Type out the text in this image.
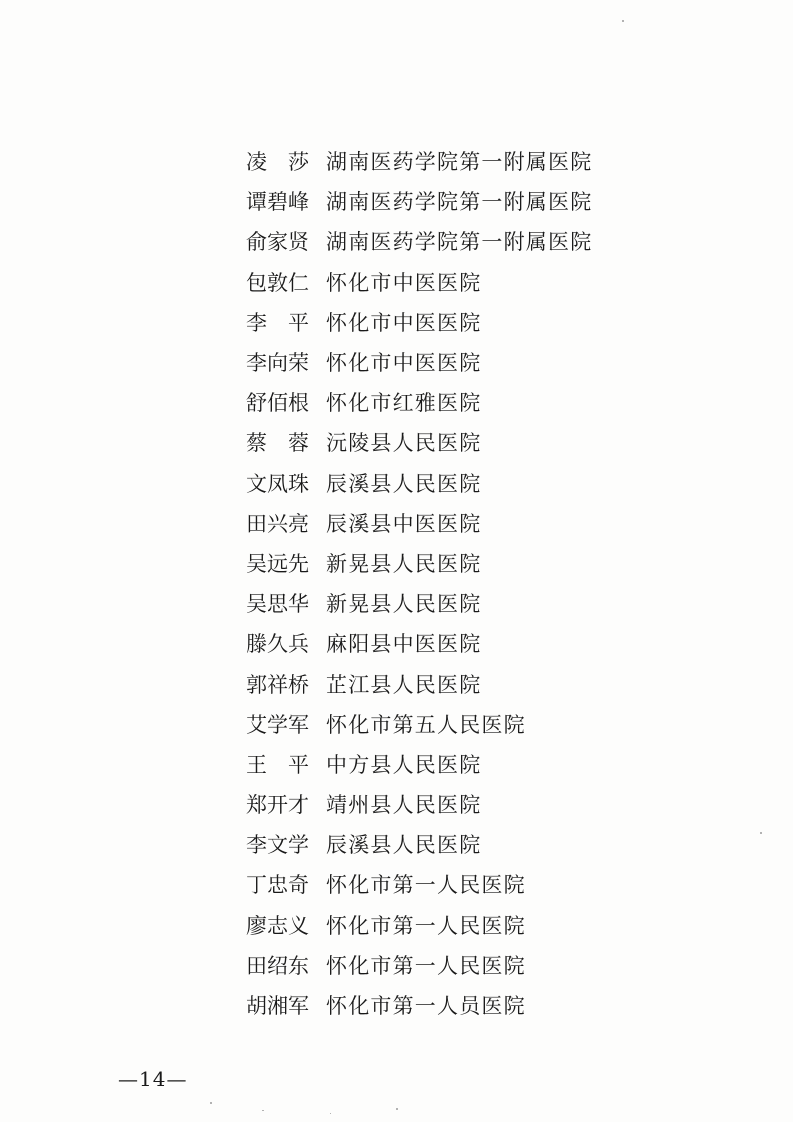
凌　莎 湖南医药学院第一附属医院
谭碧峰 湖南医药学院第一附属医院
俞家贤 湖南医药学院第一附属医院
包敦仁 怀化市中医医院
李　平 怀化市中医医院
李向荣 怀化市中医医院
舒佰根 怀化市红雅医院
蔡　蓉 沅陵县人民医院
文凤珠 辰溪县人民医院
田兴亮 辰溪县中医医院
吴远先 新晃县人民医院
吴思华 新晃县人民医院
滕久兵 麻阳县中医医院
郭祥桥 芷江县人民医院
艾学军 怀化市第五人民医院
王　平 中方县人民医院
郑开才 靖州县人民医院
李文学 辰溪县人民医院
丁忠奇 怀化市第一人民医院
廖志义 怀化市第一人民医院
田绍东 怀化市第一人民医院
胡湘军 怀化市第一人员医院
—14—
